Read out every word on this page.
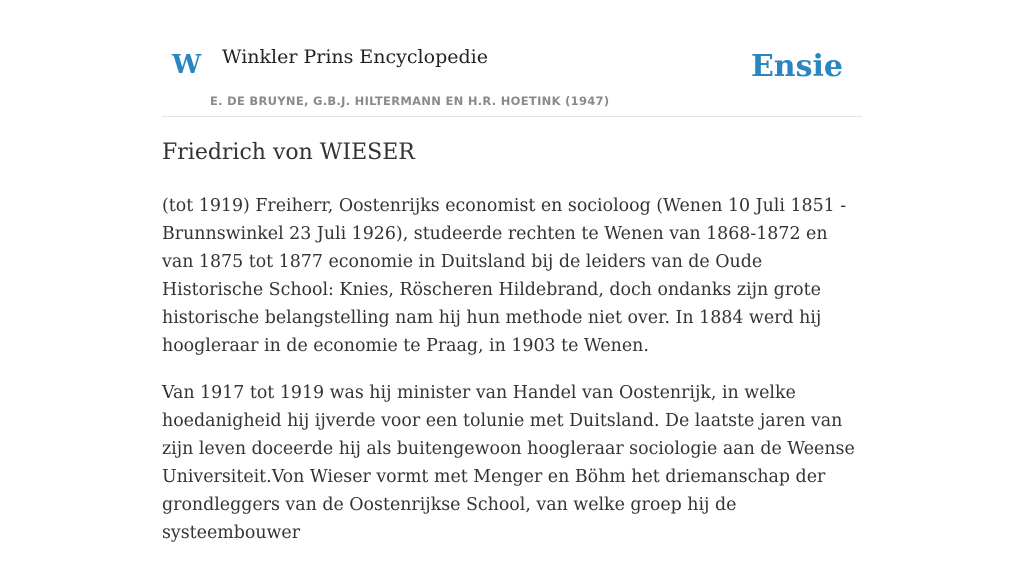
W Winkler Prins Encyclopedie
E. DE BRUYNE, G.B.J. HILTERMANN EN H.R. HOETINK (1947)
Ensie
Friedrich von WIESER

(tot 1919) Freiherr, Oostenrijks economist en socioloog (Wenen 10 Juli 1851 - Brunnswinkel 23 Juli 1926), studeerde rechten te Wenen van 1868-1872 en van 1875 tot 1877 economie in Duitsland bij de leiders van de Oude Historische School: Knies, Röscheren Hildebrand, doch ondanks zijn grote historische belangstelling nam hij hun methode niet over. In 1884 werd hij hoogleraar in de economie te Praag, in 1903 te Wenen.

Van 1917 tot 1919 was hij minister van Handel van Oostenrijk, in welke hoedanigheid hij ijverde voor een tolunie met Duitsland. De laatste jaren van zijn leven doceerde hij als buitengewoon hoogleraar sociologie aan de Weense Universiteit.Von Wieser vormt met Menger en Böhm het driemanschap der grondleggers van de Oostenrijkse School, van welke groep hij de systeembouwer
